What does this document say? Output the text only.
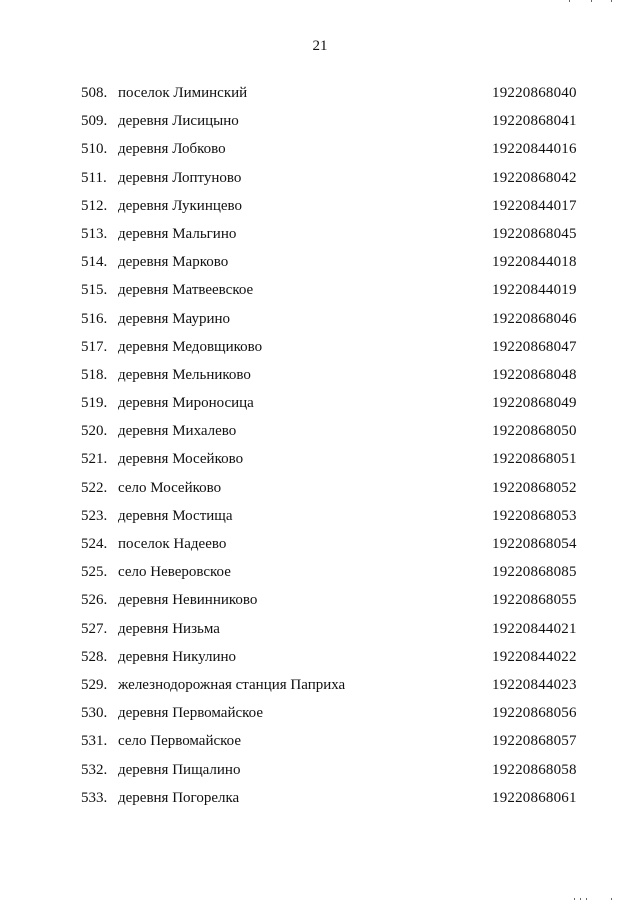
21
508. поселок Лиминский	19220868040
509. деревня Лисицыно	19220868041
510. деревня Лобково	19220844016
511. деревня Лоптуново	19220868042
512. деревня Лукинцево	19220844017
513. деревня Мальгино	19220868045
514. деревня Марково	19220844018
515. деревня Матвеевское	19220844019
516. деревня Маурино	19220868046
517. деревня Медовщиково	19220868047
518. деревня Мельниково	19220868048
519. деревня Мироносица	19220868049
520. деревня Михалево	19220868050
521. деревня Мосейково	19220868051
522. село Мосейково	19220868052
523. деревня Мостища	19220868053
524. поселок Надеево	19220868054
525. село Неверовское	19220868085
526. деревня Невинниково	19220868055
527. деревня Низьма	19220844021
528. деревня Никулино	19220844022
529. железнодорожная станция Паприха	19220844023
530. деревня Первомайское	19220868056
531. село Первомайское	19220868057
532. деревня Пищалино	19220868058
533. деревня Погорелка	19220868061
